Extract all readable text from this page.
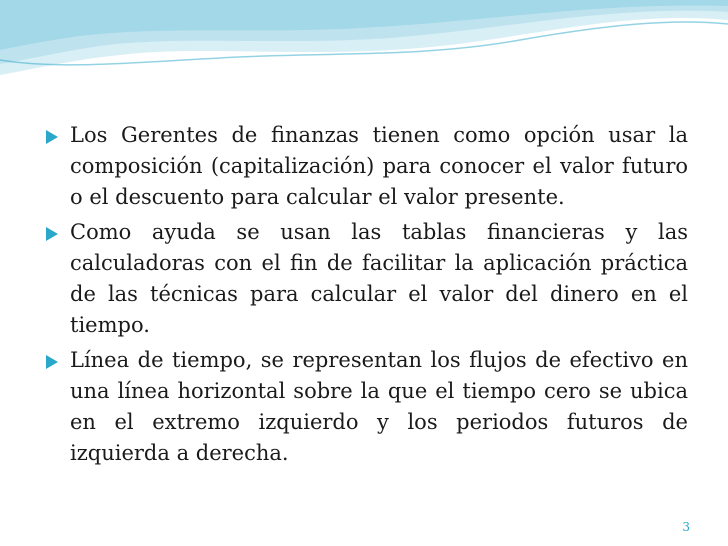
Los Gerentes de finanzas tienen como opción usar la composición (capitalización) para conocer el valor futuro o el descuento para calcular el valor presente.
Como ayuda se usan las tablas financieras y las calculadoras con el fin de facilitar la aplicación práctica de las técnicas para calcular el valor del dinero en el tiempo.
Línea de tiempo, se representan los flujos de efectivo en una línea horizontal sobre la que el tiempo cero se ubica en el extremo izquierdo y los periodos futuros de izquierda a derecha.
3
